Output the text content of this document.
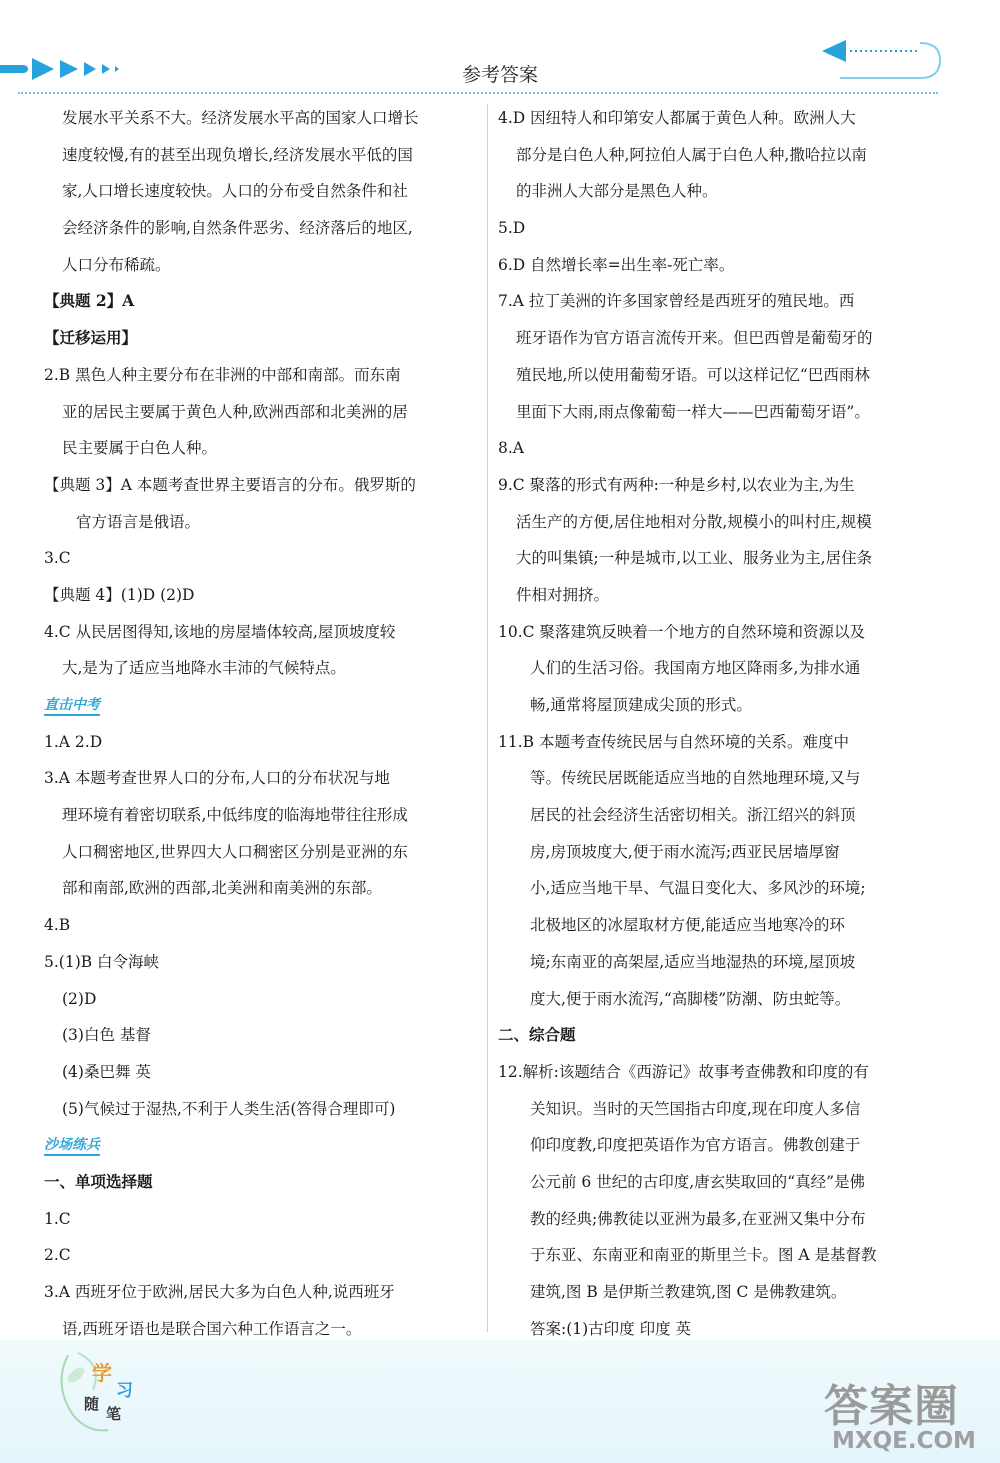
参考答案
发展水平关系不大。经济发展水平高的国家人口增长
速度较慢,有的甚至出现负增长,经济发展水平低的国
家,人口增长速度较快。人口的分布受自然条件和社
会经济条件的影响,自然条件恶劣、经济落后的地区,
人口分布稀疏。
【典题 2】A
【迁移运用】
2.B 黑色人种主要分布在非洲的中部和南部。而东南
亚的居民主要属于黄色人种,欧洲西部和北美洲的居
民主要属于白色人种。
【典题 3】A 本题考查世界主要语言的分布。俄罗斯的
官方语言是俄语。
3.C
【典题 4】(1)D (2)D
4.C 从民居图得知,该地的房屋墙体较高,屋顶坡度较
大,是为了适应当地降水丰沛的气候特点。
直击中考
1.A 2.D
3.A 本题考查世界人口的分布,人口的分布状况与地
理环境有着密切联系,中低纬度的临海地带往往形成
人口稠密地区,世界四大人口稠密区分别是亚洲的东
部和南部,欧洲的西部,北美洲和南美洲的东部。
4.B
5.(1)B 白令海峡
(2)D
(3)白色 基督
(4)桑巴舞 英
(5)气候过于湿热,不利于人类生活(答得合理即可)
沙场练兵
一、单项选择题
1.C
2.C
3.A 西班牙位于欧洲,居民大多为白色人种,说西班牙
语,西班牙语也是联合国六种工作语言之一。
4.D 因纽特人和印第安人都属于黄色人种。欧洲人大
部分是白色人种,阿拉伯人属于白色人种,撒哈拉以南
的非洲人大部分是黑色人种。
5.D
6.D 自然增长率=出生率-死亡率。
7.A 拉丁美洲的许多国家曾经是西班牙的殖民地。西
班牙语作为官方语言流传开来。但巴西曾是葡萄牙的
殖民地,所以使用葡萄牙语。可以这样记忆“巴西雨林
里面下大雨,雨点像葡萄一样大——巴西葡萄牙语”。
8.A
9.C 聚落的形式有两种:一种是乡村,以农业为主,为生
活生产的方便,居住地相对分散,规模小的叫村庄,规模
大的叫集镇;一种是城市,以工业、服务业为主,居住条
件相对拥挤。
10.C 聚落建筑反映着一个地方的自然环境和资源以及
人们的生活习俗。我国南方地区降雨多,为排水通
畅,通常将屋顶建成尖顶的形式。
11.B 本题考查传统民居与自然环境的关系。难度中
等。传统民居既能适应当地的自然地理环境,又与
居民的社会经济生活密切相关。浙江绍兴的斜顶
房,房顶坡度大,便于雨水流泻;西亚民居墙厚窗
小,适应当地干旱、气温日变化大、多风沙的环境;
北极地区的冰屋取材方便,能适应当地寒冷的环
境;东南亚的高架屋,适应当地湿热的环境,屋顶坡
度大,便于雨水流泻,“高脚楼”防潮、防虫蛇等。
二、综合题
12.解析:该题结合《西游记》故事考查佛教和印度的有
关知识。当时的天竺国指古印度,现在印度人多信
仰印度教,印度把英语作为官方语言。佛教创建于
公元前 6 世纪的古印度,唐玄奘取回的“真经”是佛
教的经典;佛教徒以亚洲为最多,在亚洲又集中分布
于东亚、东南亚和南亚的斯里兰卡。图 A 是基督教
建筑,图 B 是伊斯兰教建筑,图 C 是佛教建筑。
答案:(1)古印度 印度 英
学
习
随
笔	答案圈
MXQE.COM
